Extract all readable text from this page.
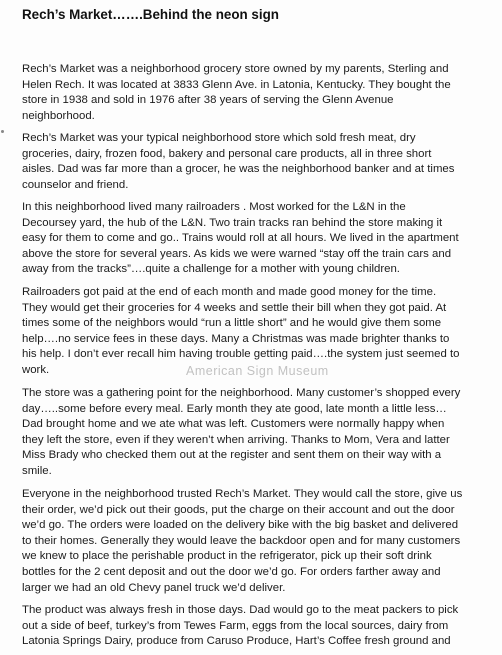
Rech’s Market…….Behind the neon sign
Rech’s Market was a neighborhood grocery store owned by my parents, Sterling and
Helen Rech. It was located at 3833 Glenn Ave. in Latonia, Kentucky. They bought the
store in 1938 and sold in 1976 after 38 years of serving the Glenn Avenue
neighborhood.
Rech’s Market was your typical neighborhood store which sold fresh meat, dry
groceries, dairy, frozen food, bakery and personal care products, all in three short
aisles. Dad was far more than a grocer, he was the neighborhood banker and at times
counselor and friend.
In this neighborhood lived many railroaders . Most worked for the L&N in the
Decoursey yard, the hub of the L&N. Two train tracks ran behind the store making it
easy for them to come and go.. Trains would roll at all hours. We lived in the apartment
above the store for several years. As kids we were warned “stay off the train cars and
away from the tracks”….quite a challenge for a mother with young children.
Railroaders got paid at the end of each month and made good money for the time.
They would get their groceries for 4 weeks and settle their bill when they got paid. At
times some of the neighbors would “run a little short” and he would give them some
help….no service fees in these days. Many a Christmas was made brighter thanks to
his help. I don’t ever recall him having trouble getting paid….the system just seemed to
work.
The store was a gathering point for the neighborhood. Many customer’s shopped every
day…..some before every meal. Early month they ate good, late month a little less…
Dad brought home and we ate what was left. Customers were normally happy when
they left the store, even if they weren’t when arriving. Thanks to Mom, Vera and latter
Miss Brady who checked them out at the register and sent them on their way with a
smile.
Everyone in the neighborhood trusted Rech’s Market. They would call the store, give us
their order, we’d pick out their goods, put the charge on their account and out the door
we’d go. The orders were loaded on the delivery bike with the big basket and delivered
to their homes. Generally they would leave the backdoor open and for many customers
we knew to place the perishable product in the refrigerator, pick up their soft drink
bottles for the 2 cent deposit and out the door we’d go. For orders farther away and
larger we had an old Chevy panel truck we’d deliver.
The product was always fresh in those days. Dad would go to the meat packers to pick
out a side of beef, turkey’s from Tewes Farm, eggs from the local sources, dairy from
Latonia Springs Dairy, produce from Caruso Produce, Hart’s Coffee fresh ground and
American Sign Museum
